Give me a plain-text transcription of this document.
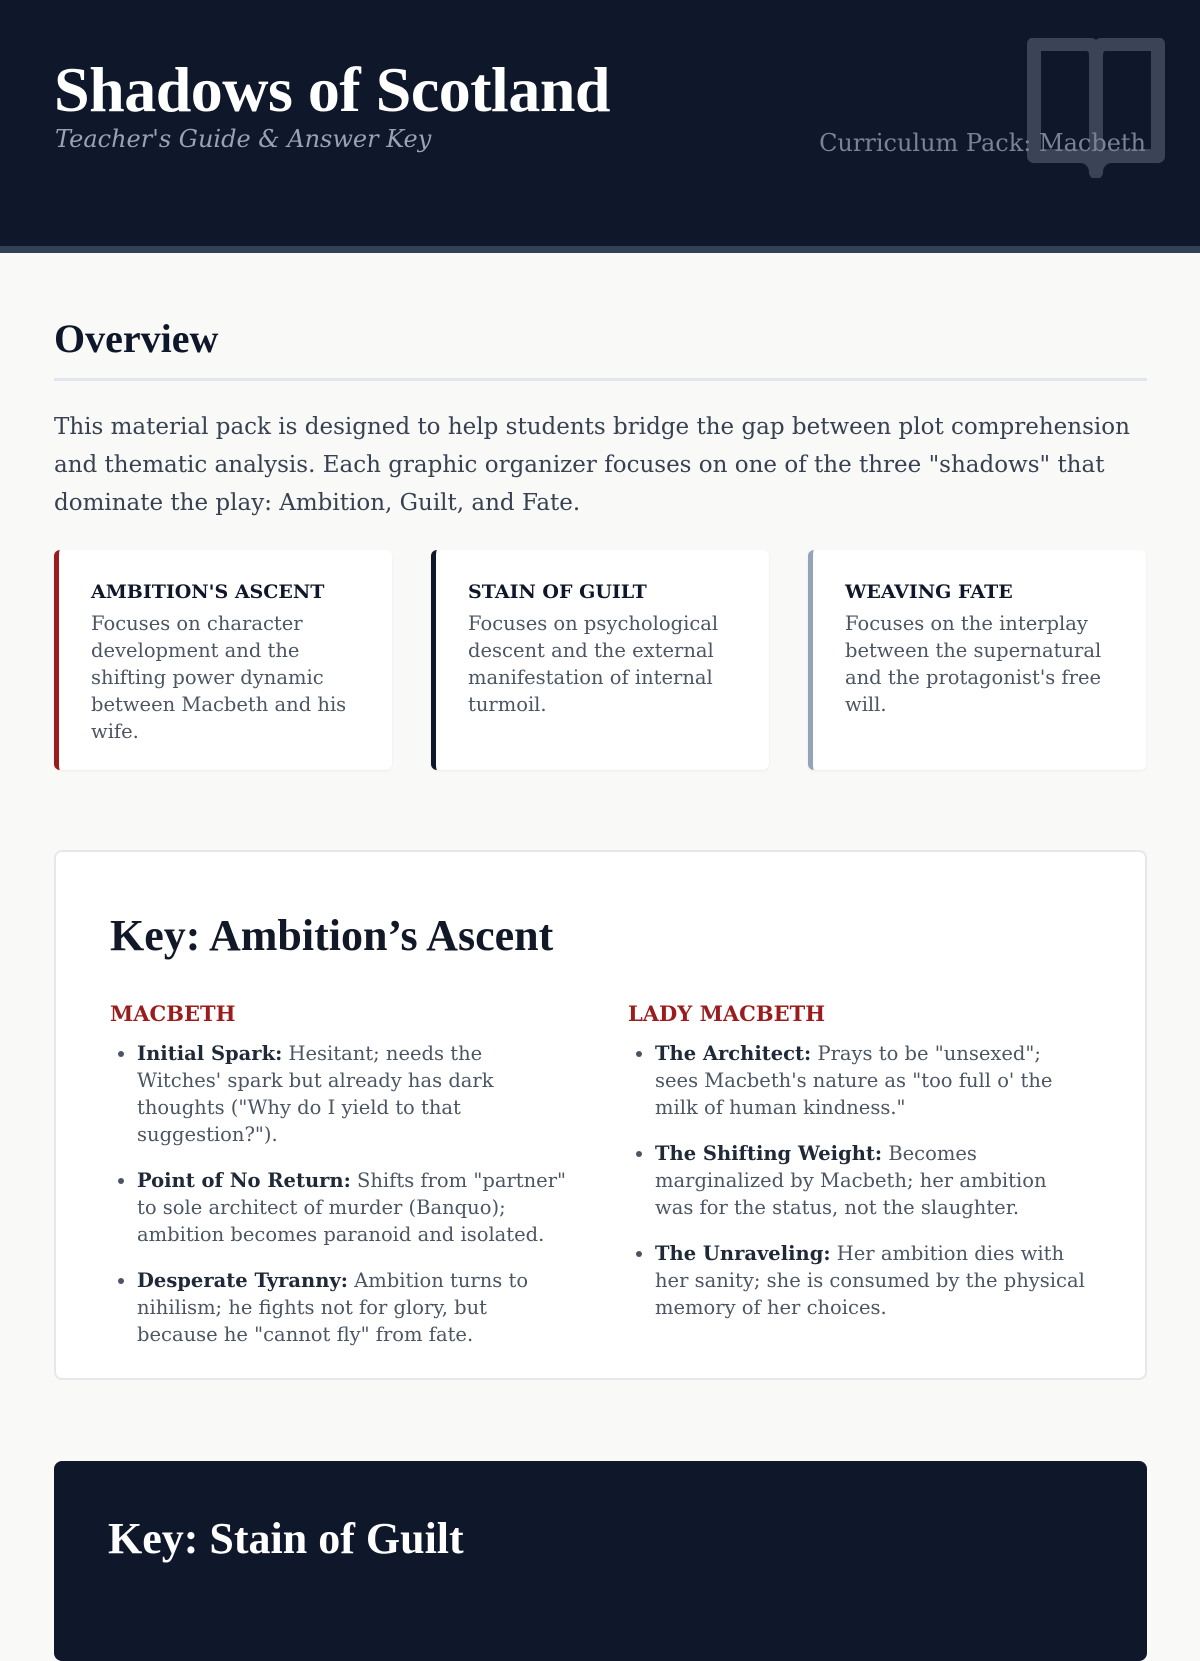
Shadows of Scotland
Teacher's Guide & Answer Key	Curriculum Pack: Macbeth
Overview

This material pack is designed to help students bridge the gap between plot comprehension and thematic analysis. Each graphic organizer focuses on one of the three "shadows" that dominate the play: Ambition, Guilt, and Fate.

AMBITION'S ASCENT
Focuses on character development and the shifting power dynamic between Macbeth and his wife.
STAIN OF GUILT
Focuses on psychological descent and the external manifestation of internal turmoil.
WEAVING FATE
Focuses on the interplay between the supernatural and the protagonist's free will.
Key: Ambition’s Ascent
MACBETH
• Initial Spark: Hesitant; needs the Witches' spark but already has dark thoughts ("Why do I yield to that suggestion?").
• Point of No Return: Shifts from "partner" to sole architect of murder (Banquo); ambition becomes paranoid and isolated.
• Desperate Tyranny: Ambition turns to nihilism; he fights not for glory, but because he "cannot fly" from fate.
LADY MACBETH
• The Architect: Prays to be "unsexed"; sees Macbeth's nature as "too full o' the milk of human kindness."
• The Shifting Weight: Becomes marginalized by Macbeth; her ambition was for the status, not the slaughter.
• The Unraveling: Her ambition dies with her sanity; she is consumed by the physical memory of her choices.
Key: Stain of Guilt
